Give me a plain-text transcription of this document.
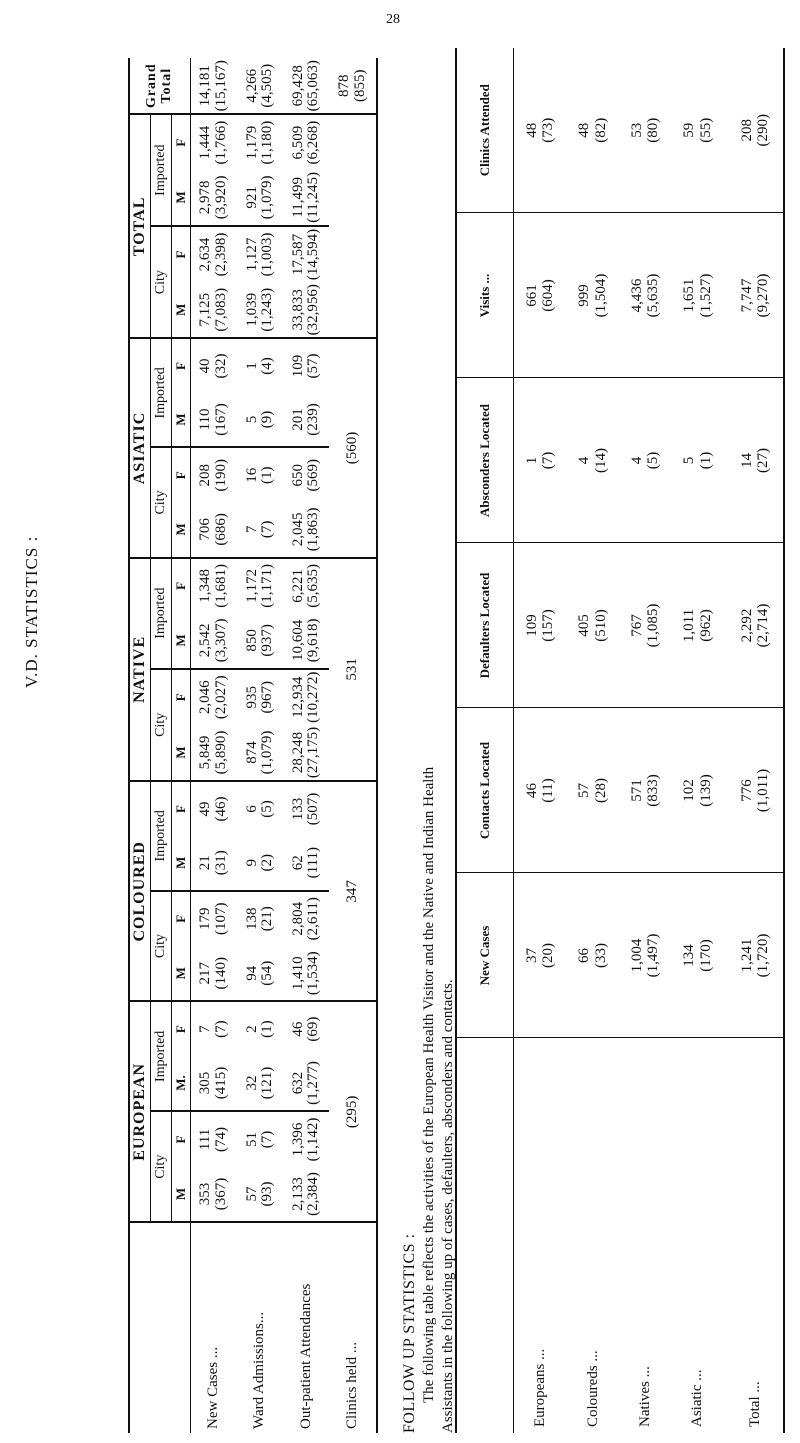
V.D. STATISTICS :
28
	EUROPEAN				COLOURED				NATIVE				ASIATIC				TOTAL				Grand Total
	City		Imported		City		Imported		City		Imported		City		Imported		City		Imported		
	M	F	M.	F	M	F	M	F	M	F	M	F	M	F	M	F	M	F	M	F	
New Cases ...	353 (367)	111 (74)	305 (415)	7 (7)	217 (140)	179 (107)	21 (31)	49 (46)	5,849 (5,890)	2,046 (2,027)	2,542 (3,307)	1,348 (1,681)	706 (686)	208 (190)	110 (167)	40 (32)	7,125 (7,083)	2,634 (2,398)	2,978 (3,920)	1,444 (1,766)	14,181 (15,167)

Ward Admissions...	57 (93)	51 (7)	32 (121)	2 (1)	94 (54)	138 (21)	9 (2)	6 (5)	874 (1,079)	935 (967)	850 (937)	1,172 (1,171)	7 (7)	16 (1)	5 (9)	1 (4)	1,039 (1,243)	1,127 (1,003)	921 (1,079)	1,179 (1,180)	4,266 (4,505)

Out-patient Attendances	2,133 (2,384)	1,396 (1,142)	632 (1,277)	46 (69)	1,410 (1,534)	2,804 (2,611)	62 (111)	133 (507)	28,248 (27,175)	12,934 (10,272)	10,604 (9,618)	6,221 (5,635)	2,045 (1,863)	650 (569)	201 (239)	109 (57)	33,833 (32,956)	17,587 (14,594)	11,499 (11,245)	6,509 (6,268)	69,428 (65,063)

Clinics held ...	(295)				347				531				(560)								878 (855)
FOLLOW UP STATISTICS : The following table reflects the activities of the European Health Visitor and the Native and Indian Health Assistants in the following up of cases, defaulters, absconders and contacts.
	New Cases	Contacts Located	Defaulters Located	Absconders Located	Visits ...	Clinics Attended
Europeans ...	37 (20)	46 (11)	109 (157)	1 (7)	661 (604)	48 (73)

Coloureds ...	66 (33)	57 (28)	405 (510)	4 (14)	999 (1,504)	48 (82)

Natives ...	1,004 (1,497)	571 (833)	767 (1,085)	4 (5)	4,436 (5,635)	53 (80)

Asiatic ...	134 (170)	102 (139)	1,011 (962)	5 (1)	1,651 (1,527)	59 (55)

Total ...	1,241 (1,720)	776 (1,011)	2,292 (2,714)	14 (27)	7,747 (9,270)	208 (290)
